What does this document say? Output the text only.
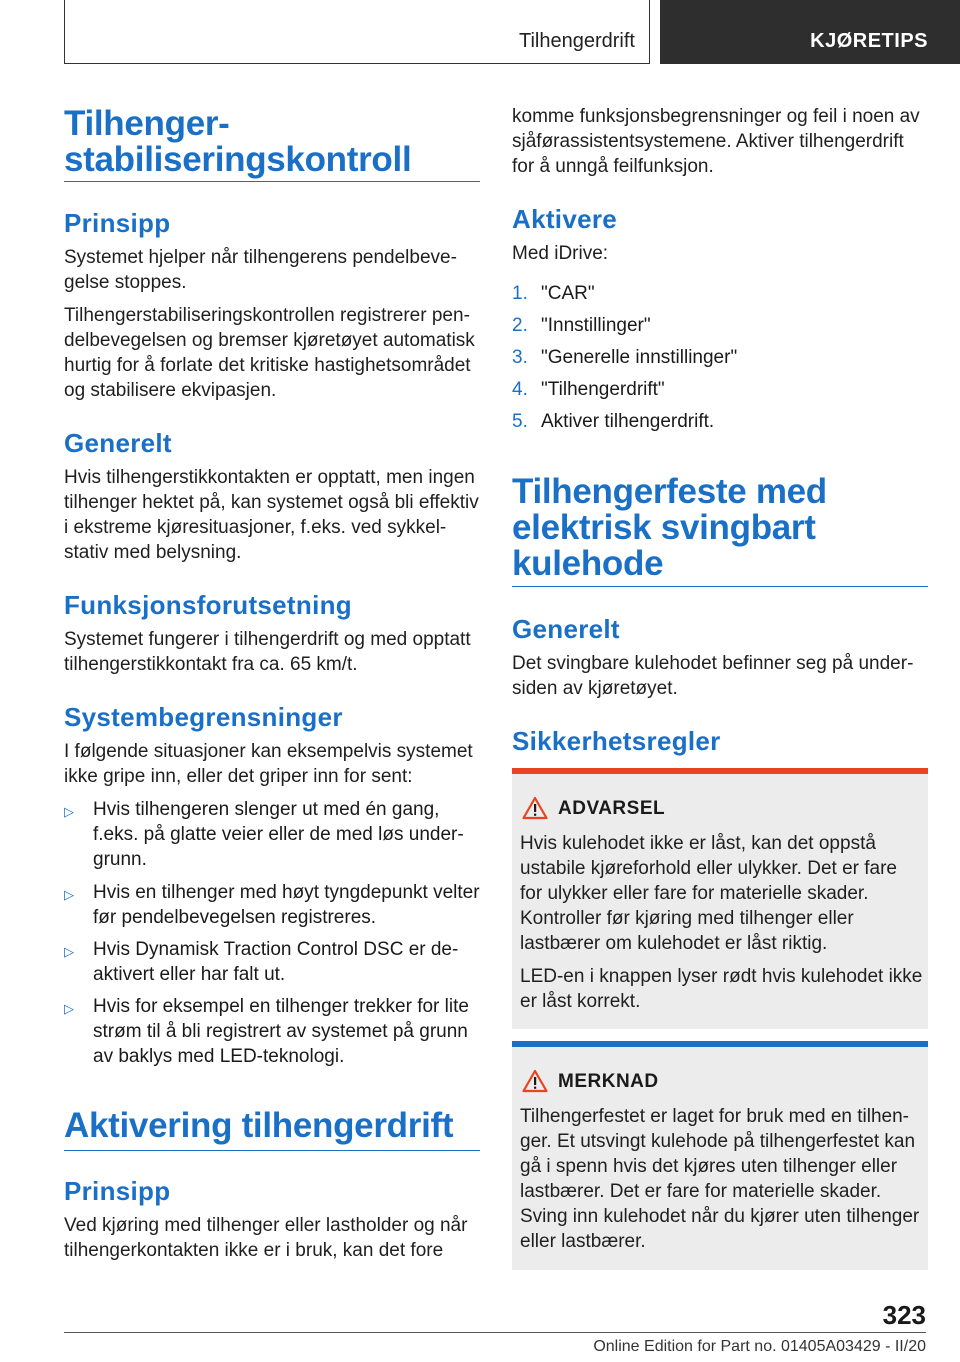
Tilhengerdrift	KJØRETIPS
Tilhenger-
stabiliseringskontroll
Prinsipp
Systemet hjelper når tilhengerens pendelbevegelse stoppes.
Tilhengerstabiliseringskontrollen registrerer pendelbevegelsen og bremser kjøretøyet automatisk hurtig for å forlate det kritiske hastighetsområdet og stabilisere ekvipasjen.
Generelt
Hvis tilhengerstikkontakten er opptatt, men ingen tilhenger hektet på, kan systemet også bli effektiv i ekstreme kjøresituasjoner, f.eks. ved sykkelstativ med belysning.
Funksjonsforutsetning
Systemet fungerer i tilhengerdrift og med opptatt tilhengerstikkontakt fra ca. 65 km/t.
Systembegrensninger
I følgende situasjoner kan eksempelvis systemet ikke gripe inn, eller det griper inn for sent:
▷ Hvis tilhengeren slenger ut med én gang, f.eks. på glatte veier eller de med løs undergrunn.
▷ Hvis en tilhenger med høyt tyngdepunkt velter før pendelbevegelsen registreres.
▷ Hvis Dynamisk Traction Control DSC er deaktivert eller har falt ut.
▷ Hvis for eksempel en tilhenger trekker for lite strøm til å bli registrert av systemet på grunn av baklys med LED-teknologi.
Aktivering tilhengerdrift
Prinsipp
Ved kjøring med tilhenger eller lastholder og når tilhengerkontakten ikke er i bruk, kan det fore
komme funksjonsbegrensninger og feil i noen av sjåførassistentsystemene. Aktiver tilhengerdrift for å unngå feilfunksjon.
Aktivere
Med iDrive:
1. "CAR"
2. "Innstillinger"
3. "Generelle innstillinger"
4. "Tilhengerdrift"
5. Aktiver tilhengerdrift.
Tilhengerfeste med
elektrisk svingbart
kulehode
Generelt
Det svingbare kulehodet befinner seg på undersiden av kjøretøyet.
Sikkerhetsregler
ADVARSEL
Hvis kulehodet ikke er låst, kan det oppstå ustabile kjøreforhold eller ulykker. Det er fare for ulykker eller fare for materielle skader. Kontroller før kjøring med tilhenger eller lastbærer om kulehodet er låst riktig.
LED-en i knappen lyser rødt hvis kulehodet ikke er låst korrekt.
MERKNAD
Tilhengerfestet er laget for bruk med en tilhenger. Et utsvingt kulehode på tilhengerfestet kan gå i spenn hvis det kjøres uten tilhenger eller lastbærer. Det er fare for materielle skader. Sving inn kulehodet når du kjører uten tilhenger eller lastbærer.
323
Online Edition for Part no. 01405A03429 - II/20
